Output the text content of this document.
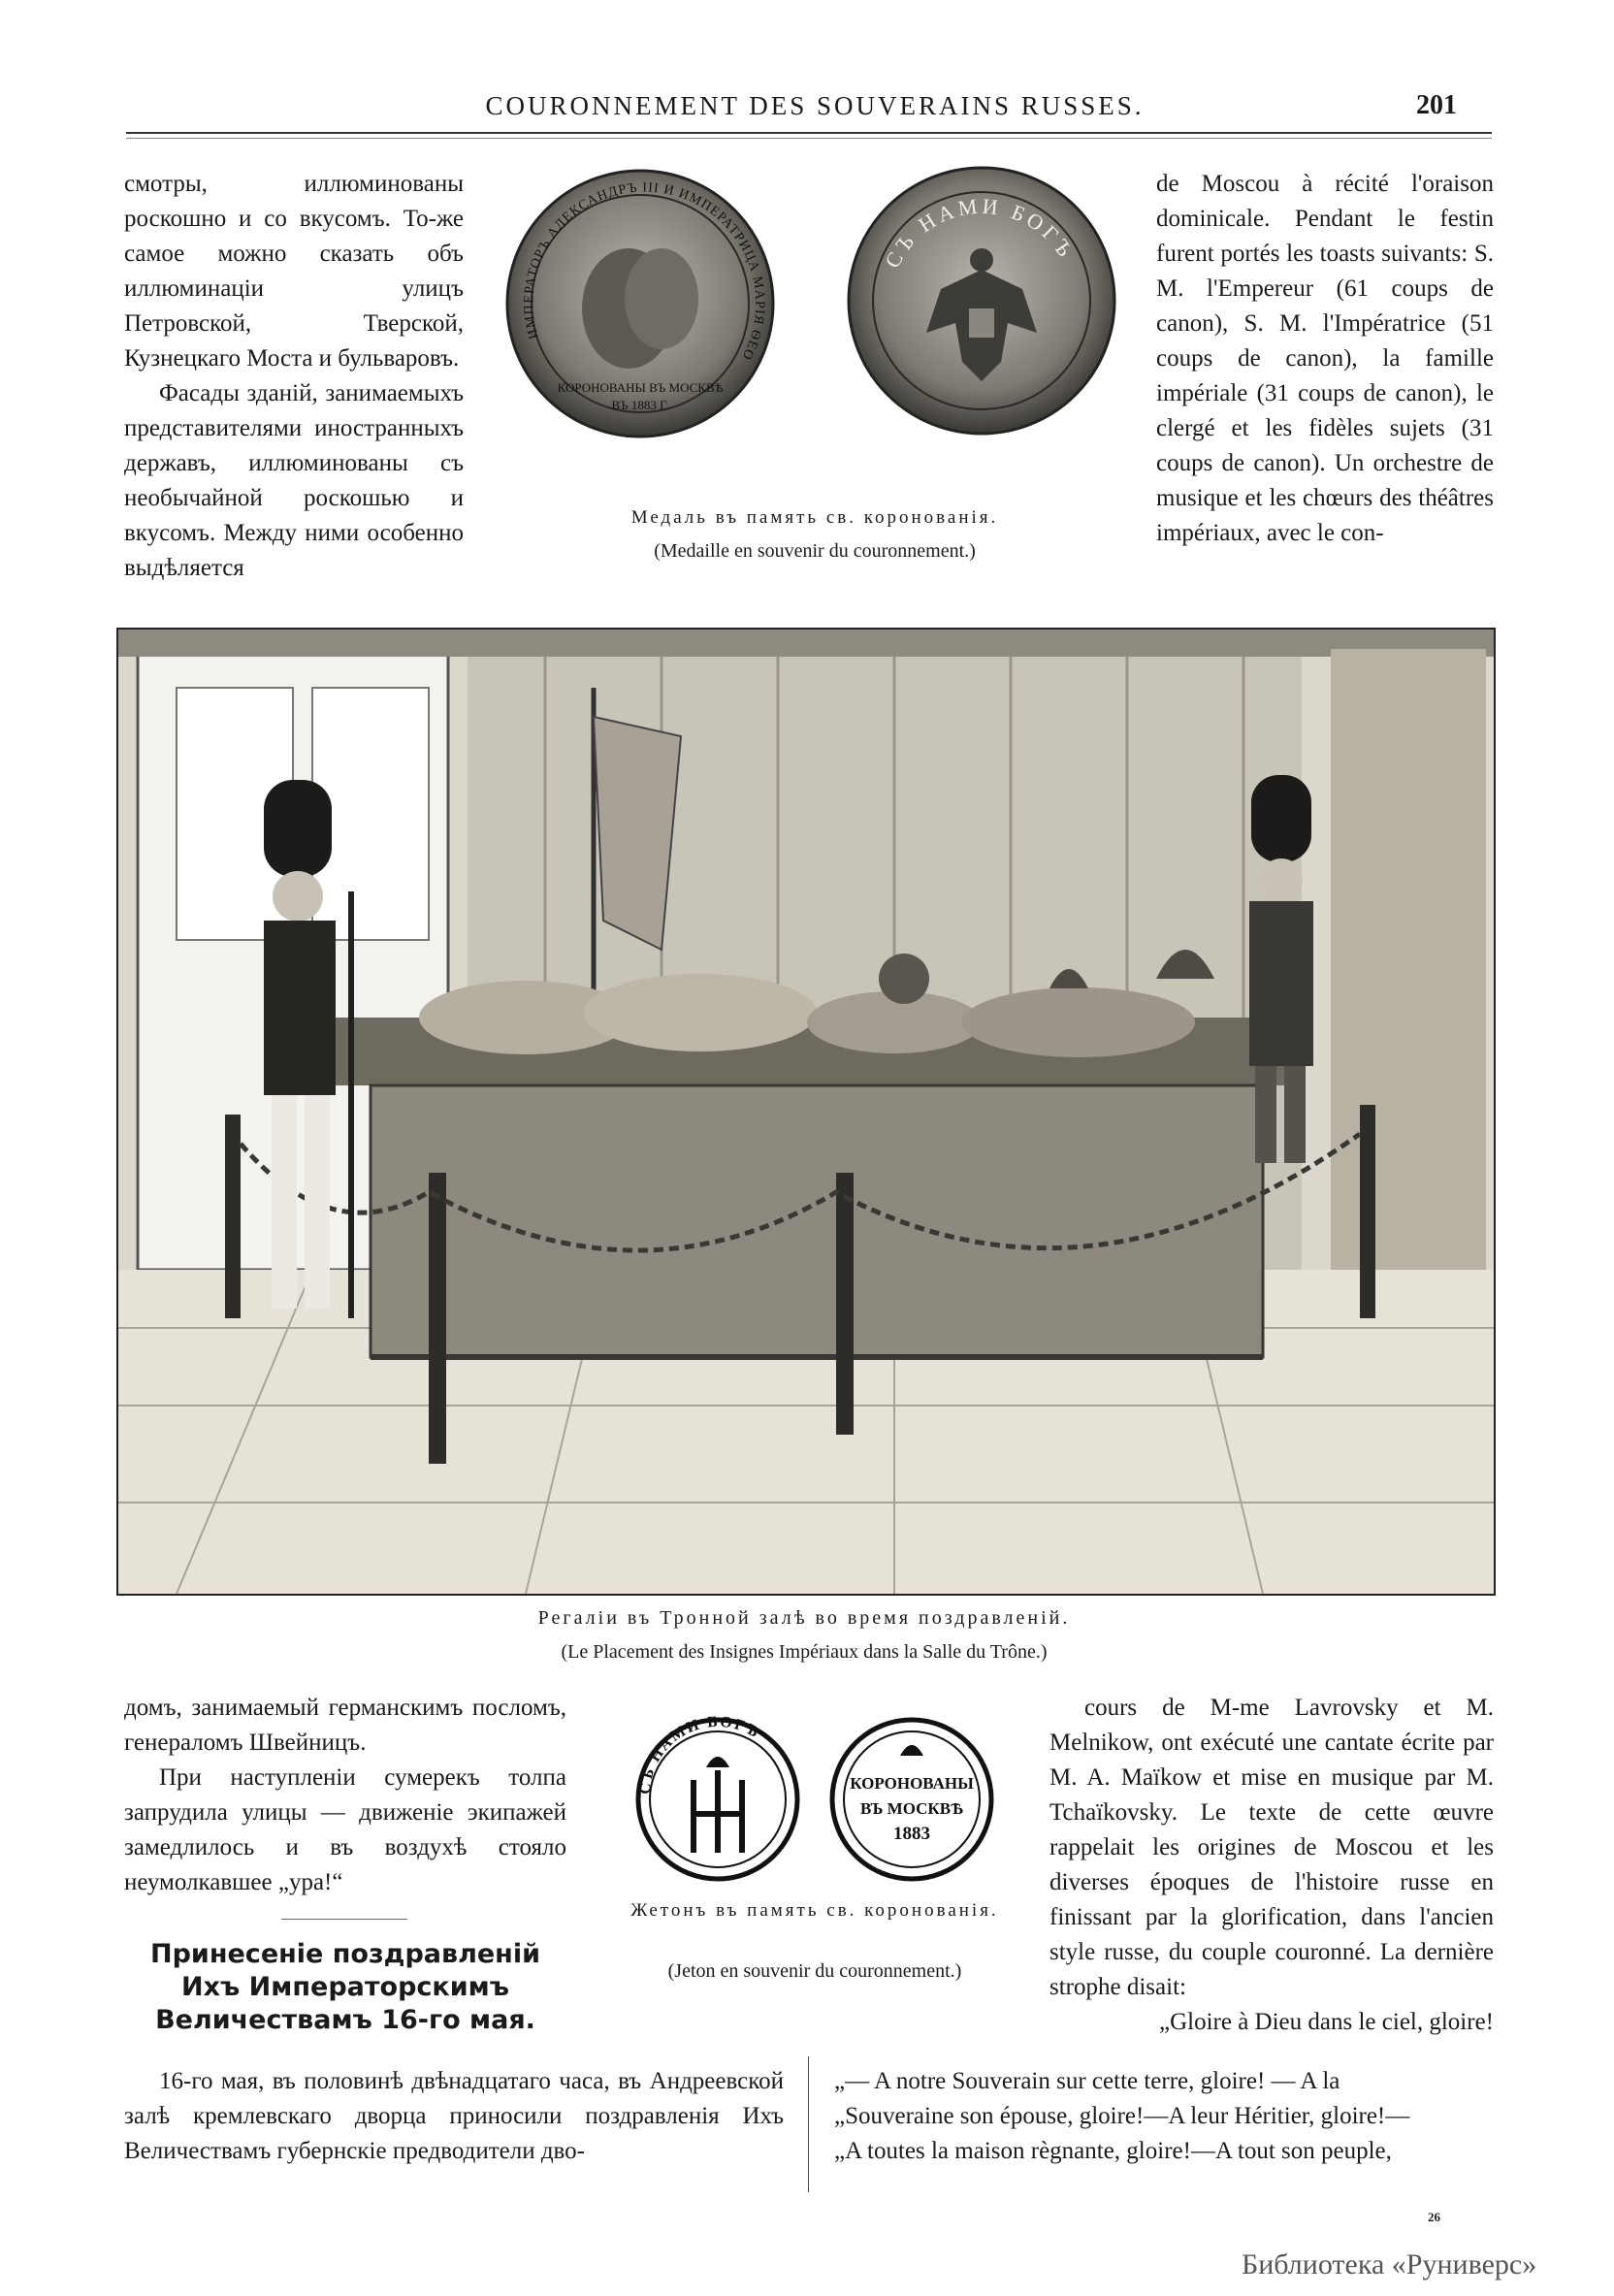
COURONNEMENT DES SOUVERAINS RUSSES.	201

смотры, иллюминованы роскошно и со вкусомъ. То-же самое можно сказать объ иллюминаціи улицъ Петровской, Тверской, Кузнецкаго Моста и бульваровъ.

Фасады зданій, занимаемыхъ представителями иностранныхъ державъ, иллюминованы съ необычайной роскошью и вкусомъ. Между ними особенно выдѣляется

ИМПЕРАТОРЪ АЛЕКСАНДРЪ III И ИМПЕРАТРИЦА МАРІЯ ѲЕО
КОРОНОВАНЫ ВЪ МОСКВѢ
ВЪ 1883 Г.
СЪ НАМИ БОГЪ
Медаль въ память св. коронованія.
(Medaille en souvenir du couronnement.)

de Moscou à récité l'oraison dominicale. Pendant le festin furent portés les toasts suivants: S. M. l'Empereur (61 coups de canon), S. M. l'Impératrice (51 coups de canon), la famille impériale (31 coups de canon), le clergé et les fidèles sujets (31 coups de canon). Un orchestre de musique et les chœurs des théâtres impériaux, avec le con-

Регаліи въ Тронной залѣ во время поздравленій.
(Le Placement des Insignes Impériaux dans la Salle du Trône.)

домъ, занимаемый германскимъ посломъ, генераломъ Швейницъ.

При наступленіи сумерекъ толпа запрудила улицы — движеніе экипажей замедлилось и въ воздухѣ стояло неумолкавшее „ура!“

Принесеніе поздравленій Ихъ Императорскимъ Величествамъ 16-го мая.
СЪ НАМИ БОГЪ
КОРОНОВАНЫ
ВЪ МОСКВѢ
1883
Жетонъ въ память св. коронованія.
(Jeton en souvenir du couronnement.)

cours de M-me Lavrovsky et M. Melnikow, ont exécuté une cantate écrite par M. A. Maïkow et mise en musique par M. Tchaïkovsky. Le texte de cette œuvre rappelait les origines de Moscou et les diverses époques de l'histoire russe en finissant par la glorification, dans l'ancien style russe, du couple couronné. La dernière strophe disait:

„Gloire à Dieu dans le ciel, gloire!

16-го мая, въ половинѣ двѣнадцатаго часа, въ Андреевской залѣ кремлевскаго дворца приносили поздравленія Ихъ Величествамъ губернскіе предводители дво-

„— A notre Souverain sur cette terre, gloire! — A la

„Souveraine son épouse, gloire!—A leur Héritier, gloire!—

„A toutes la maison règnante, gloire!—A tout son peuple,

26
Библиотека «Руниверс»
